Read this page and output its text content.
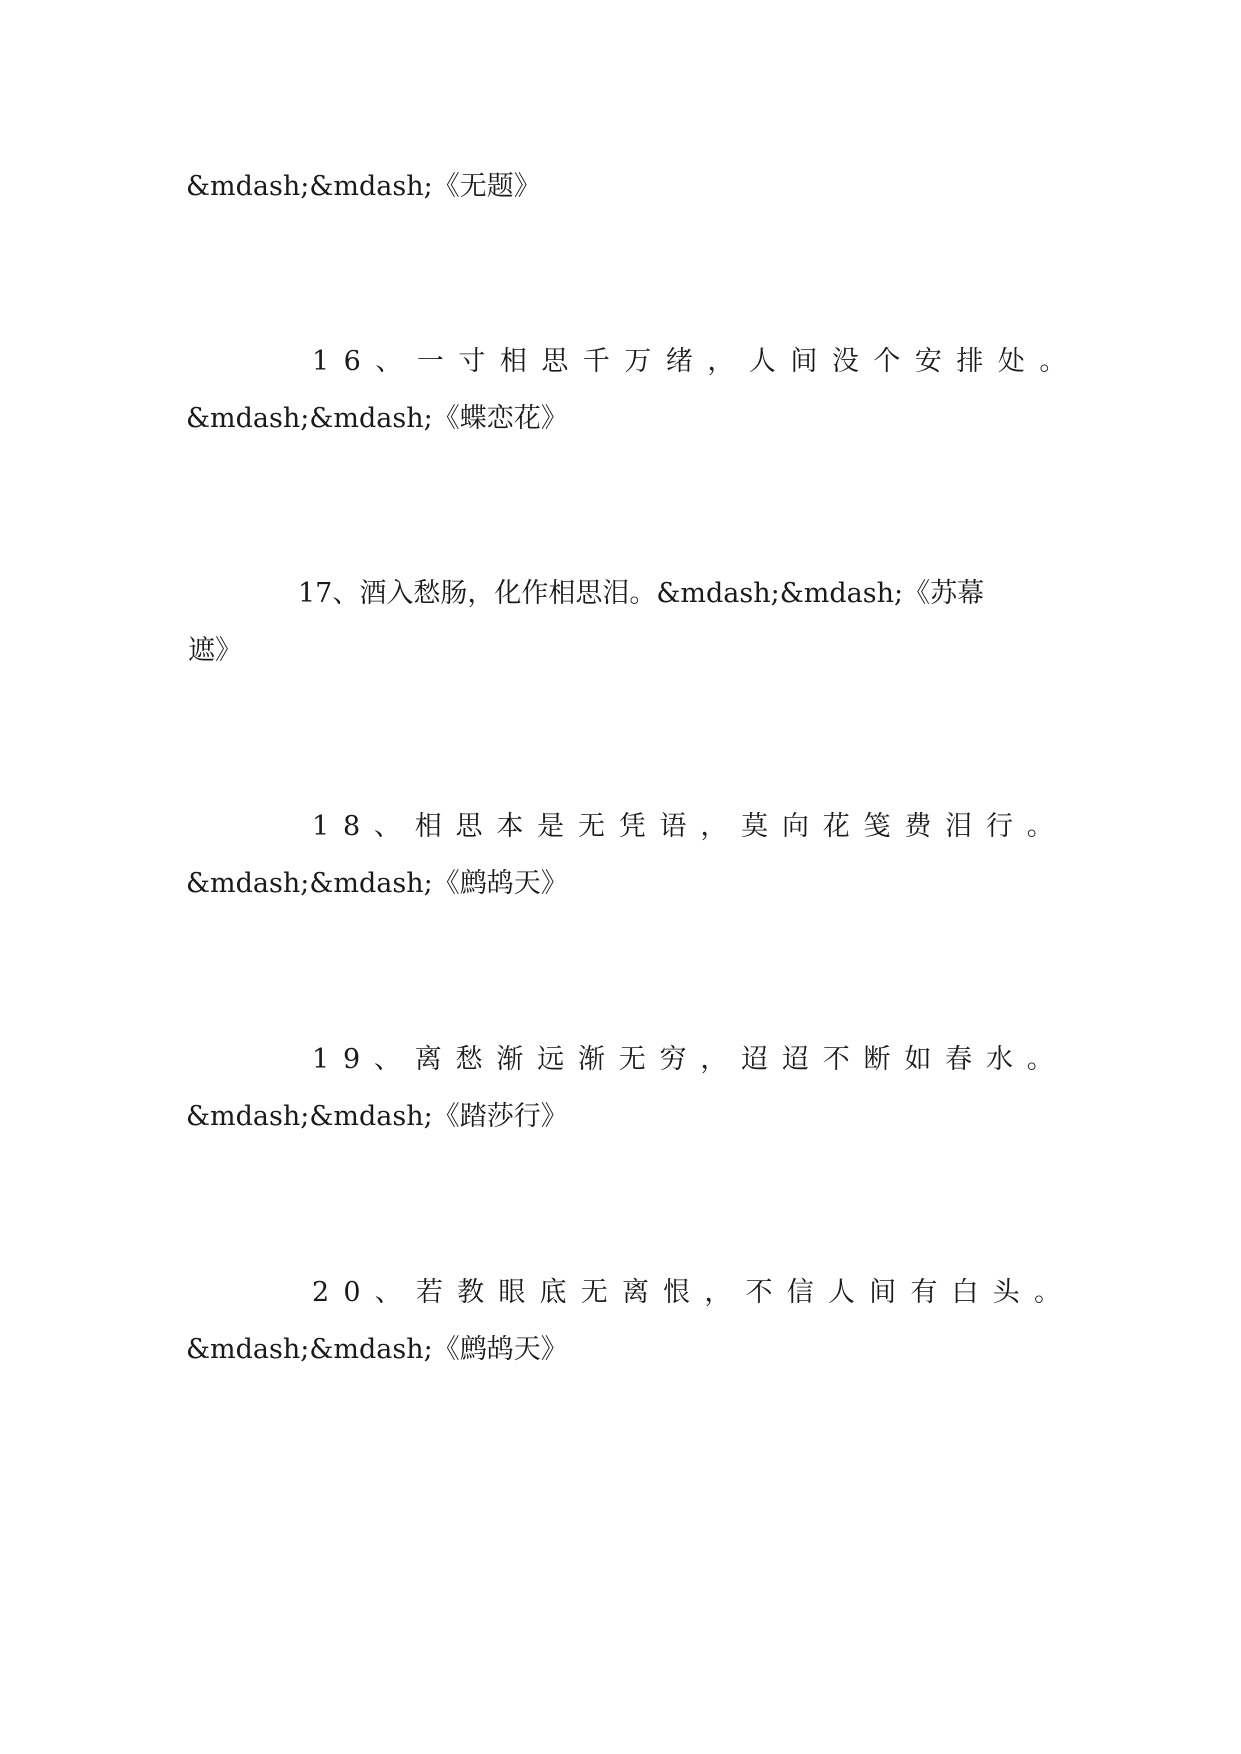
&mdash;&mdash;《无题》
16、一寸相思千万绪，人间没个安排处。
&mdash;&mdash;《蝶恋花》
17、酒入愁肠，化作相思泪。&mdash;&mdash;《苏幕
遮》
18、相思本是无凭语，莫向花笺费泪行。
&mdash;&mdash;《鹧鸪天》
19、离愁渐远渐无穷，迢迢不断如春水。
&mdash;&mdash;《踏莎行》
20、若教眼底无离恨，不信人间有白头。
&mdash;&mdash;《鹧鸪天》
